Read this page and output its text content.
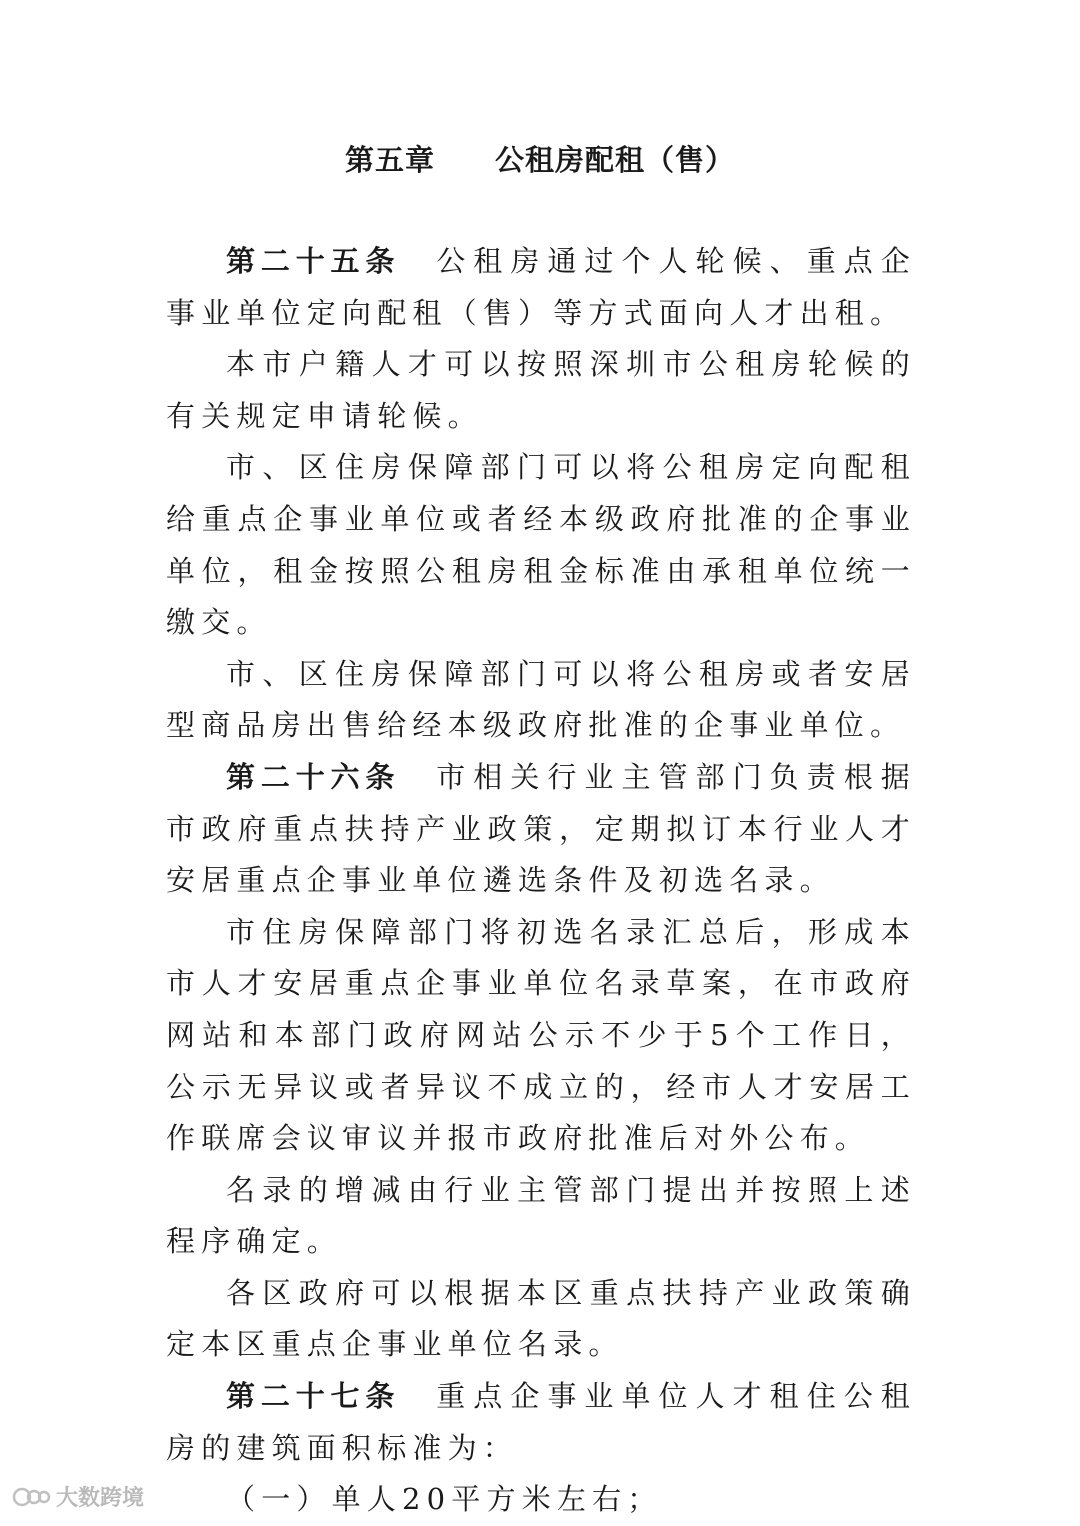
第五章　　公租房配租（售）

第二十五条 公租房通过个人轮候、重点企事业单位定向配租（售）等方式面向人才出租。

本市户籍人才可以按照深圳市公租房轮候的有关规定申请轮候。

市、区住房保障部门可以将公租房定向配租给重点企事业单位或者经本级政府批准的企事业单位，租金按照公租房租金标准由承租单位统一缴交。

市、区住房保障部门可以将公租房或者安居型商品房出售给经本级政府批准的企事业单位。

第二十六条 市相关行业主管部门负责根据市政府重点扶持产业政策，定期拟订本行业人才安居重点企事业单位遴选条件及初选名录。

市住房保障部门将初选名录汇总后，形成本市人才安居重点企事业单位名录草案，在市政府网站和本部门政府网站公示不少于5个工作日，公示无异议或者异议不成立的，经市人才安居工作联席会议审议并报市政府批准后对外公布。

名录的增减由行业主管部门提出并按照上述程序确定。

各区政府可以根据本区重点扶持产业政策确定本区重点企事业单位名录。

第二十七条 重点企事业单位人才租住公租房的建筑面积标准为：

（一）单人20平方米左右；

大数跨境
